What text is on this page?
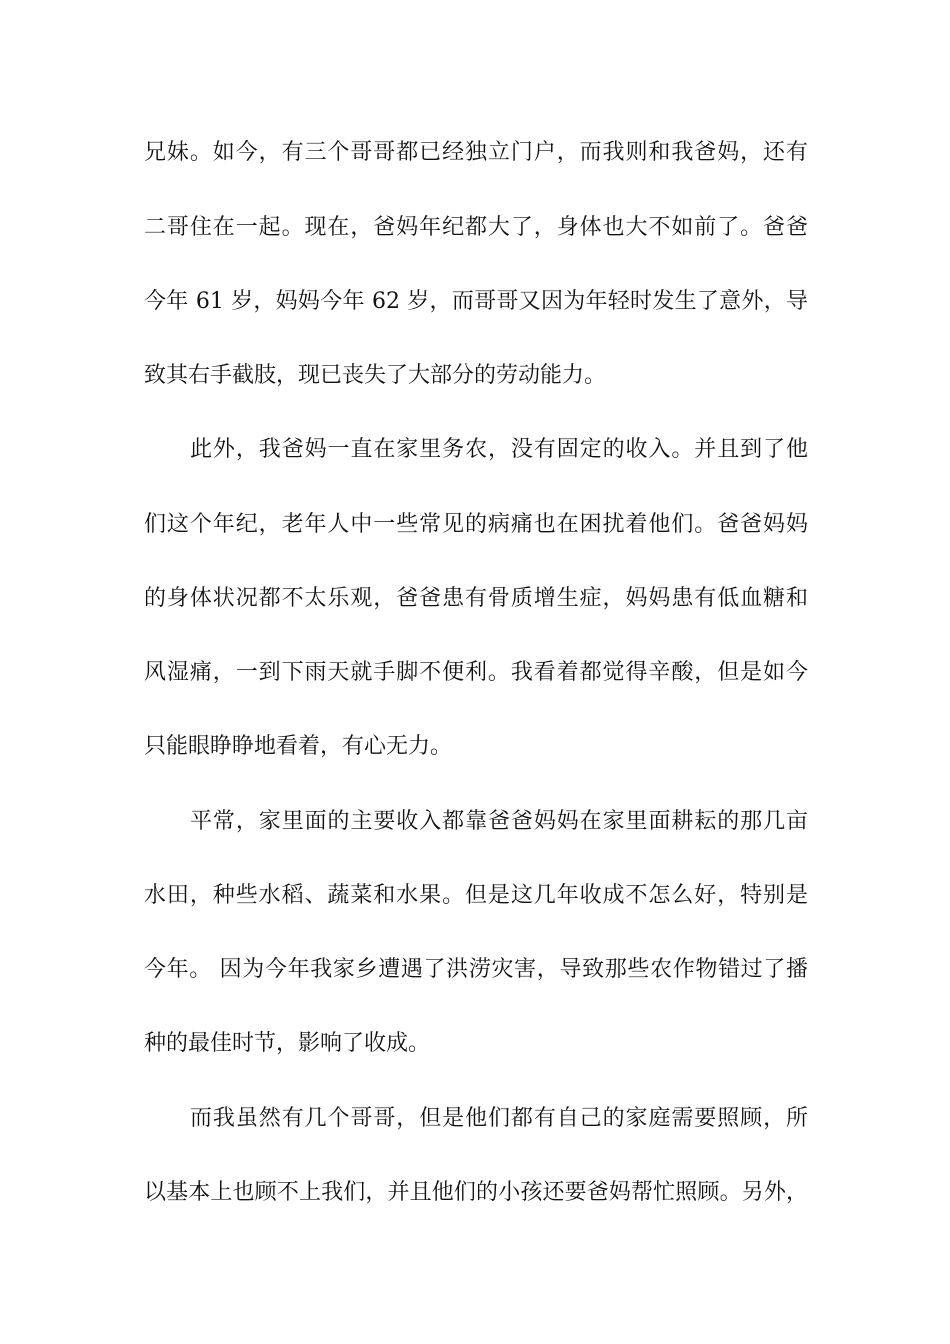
兄妹。如今，有三个哥哥都已经独立门户，而我则和我爸妈，还有
二哥住在一起。现在，爸妈年纪都大了，身体也大不如前了。爸爸
今年 61 岁，妈妈今年 62 岁，而哥哥又因为年轻时发生了意外，导
致其右手截肢，现已丧失了大部分的劳动能力。
此外，我爸妈一直在家里务农，没有固定的收入。并且到了他
们这个年纪，老年人中一些常见的病痛也在困扰着他们。爸爸妈妈
的身体状况都不太乐观，爸爸患有骨质增生症，妈妈患有低血糖和
风湿痛，一到下雨天就手脚不便利。我看着都觉得辛酸，但是如今
只能眼睁睁地看着，有心无力。
平常，家里面的主要收入都靠爸爸妈妈在家里面耕耘的那几亩
水田，种些水稻、蔬菜和水果。但是这几年收成不怎么好，特别是
今年。 因为今年我家乡遭遇了洪涝灾害，导致那些农作物错过了播
种的最佳时节，影响了收成。
而我虽然有几个哥哥，但是他们都有自己的家庭需要照顾，所
以基本上也顾不上我们，并且他们的小孩还要爸妈帮忙照顾。另外，
